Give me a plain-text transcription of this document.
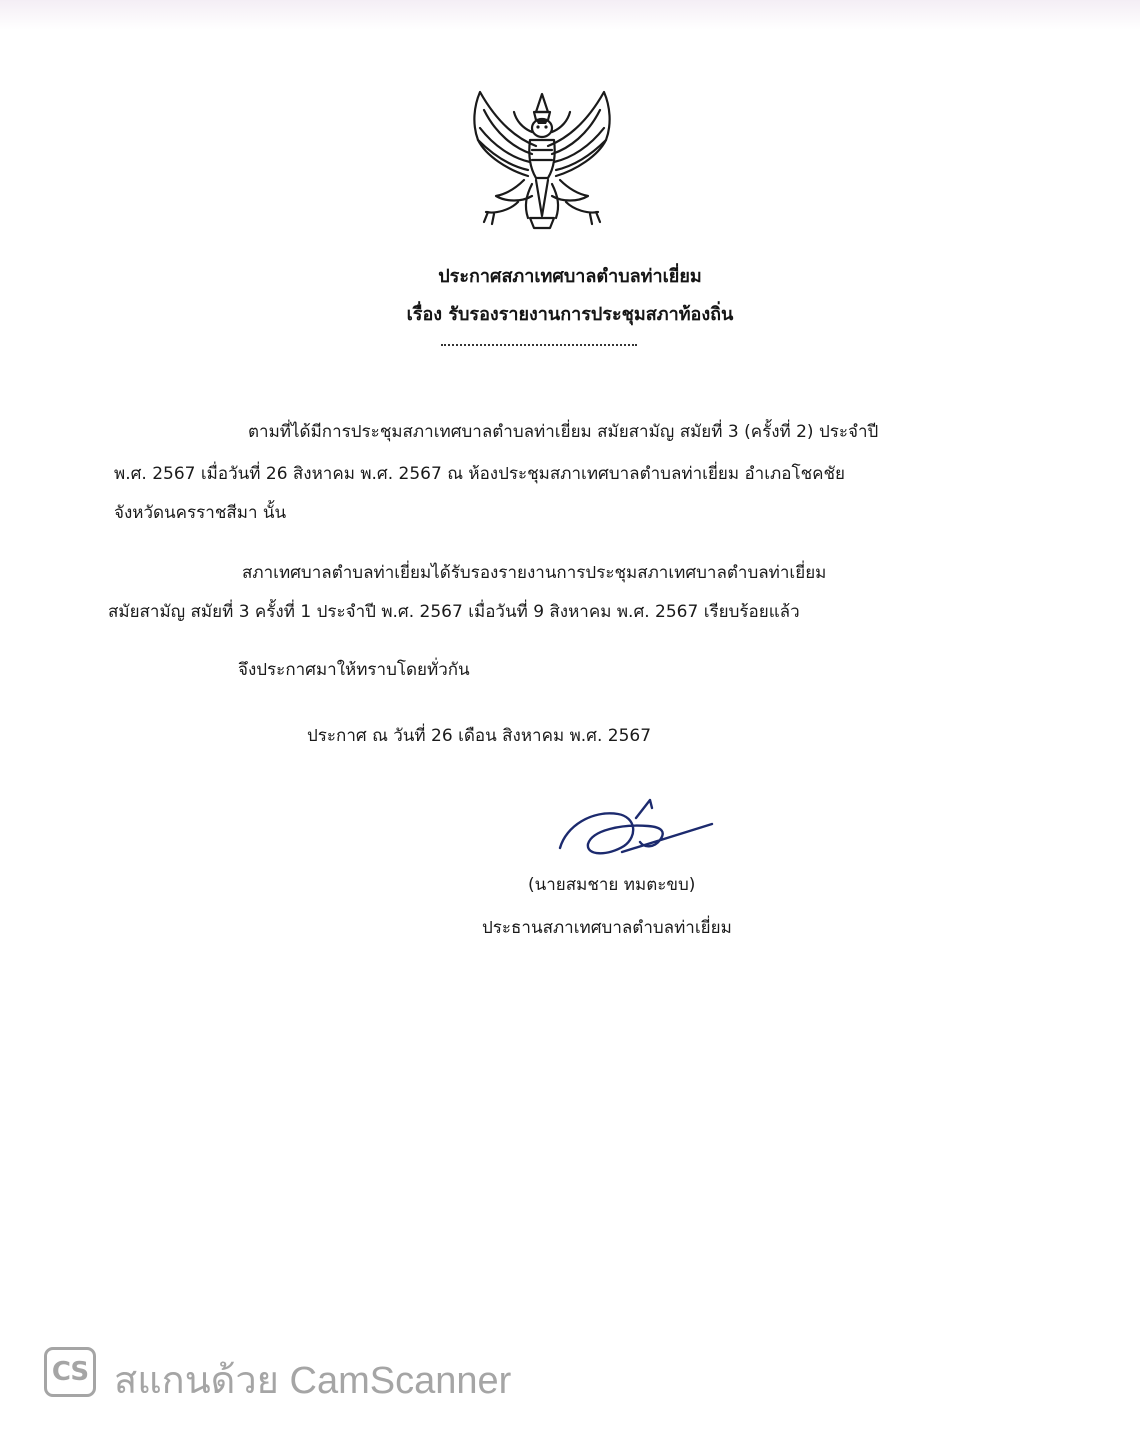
ประกาศสภาเทศบาลตำบลท่าเยี่ยม
เรื่อง รับรองรายงานการประชุมสภาท้องถิ่น
ตามที่ได้มีการประชุมสภาเทศบาลตำบลท่าเยี่ยม สมัยสามัญ สมัยที่ 3 (ครั้งที่ 2) ประจำปี
พ.ศ. 2567 เมื่อวันที่ 26 สิงหาคม พ.ศ. 2567 ณ ห้องประชุมสภาเทศบาลตำบลท่าเยี่ยม อำเภอโชคชัย
จังหวัดนครราชสีมา นั้น
สภาเทศบาลตำบลท่าเยี่ยมได้รับรองรายงานการประชุมสภาเทศบาลตำบลท่าเยี่ยม
สมัยสามัญ สมัยที่ 3 ครั้งที่ 1 ประจำปี พ.ศ. 2567 เมื่อวันที่ 9 สิงหาคม พ.ศ. 2567 เรียบร้อยแล้ว
จึงประกาศมาให้ทราบโดยทั่วกัน
ประกาศ ณ วันที่ 26 เดือน สิงหาคม พ.ศ. 2567
(นายสมชาย ทมตะขบ)
ประธานสภาเทศบาลตำบลท่าเยี่ยม
CS สแกนด้วย CamScanner
